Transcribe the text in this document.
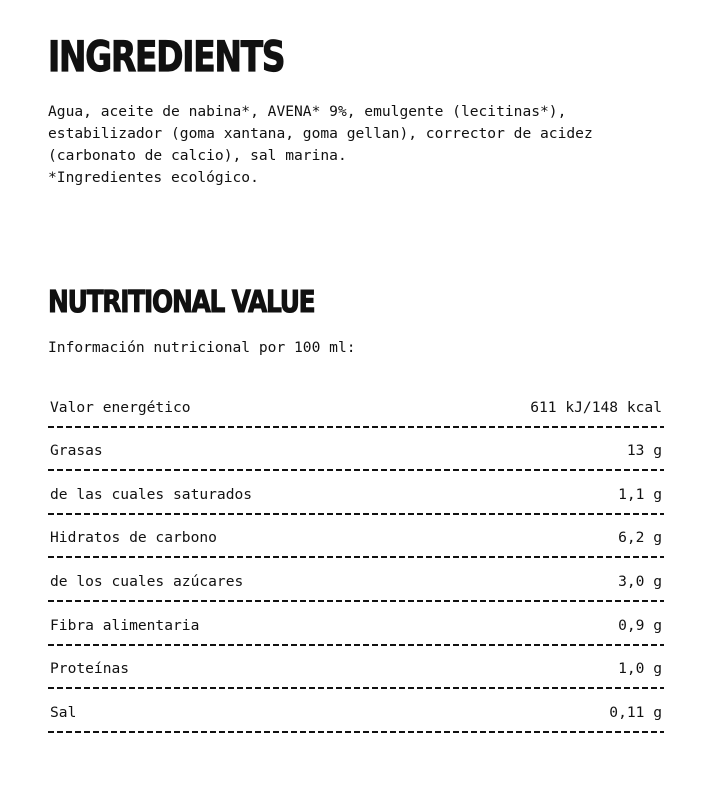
INGREDIENTS

Agua, aceite de nabina*, AVENA* 9%, emulgente (lecitinas*),
estabilizador (goma xantana, goma gellan), corrector de acidez
(carbonato de calcio), sal marina.
*Ingredientes ecológico.

NUTRITIONAL VALUE
Información nutricional por 100 ml:
Valor energético	611 kJ/148 kcal
Grasas	13 g
de las cuales saturados	1,1 g
Hidratos de carbono	6,2 g
de los cuales azúcares	3,0 g
Fibra alimentaria	0,9 g
Proteínas	1,0 g
Sal	0,11 g
